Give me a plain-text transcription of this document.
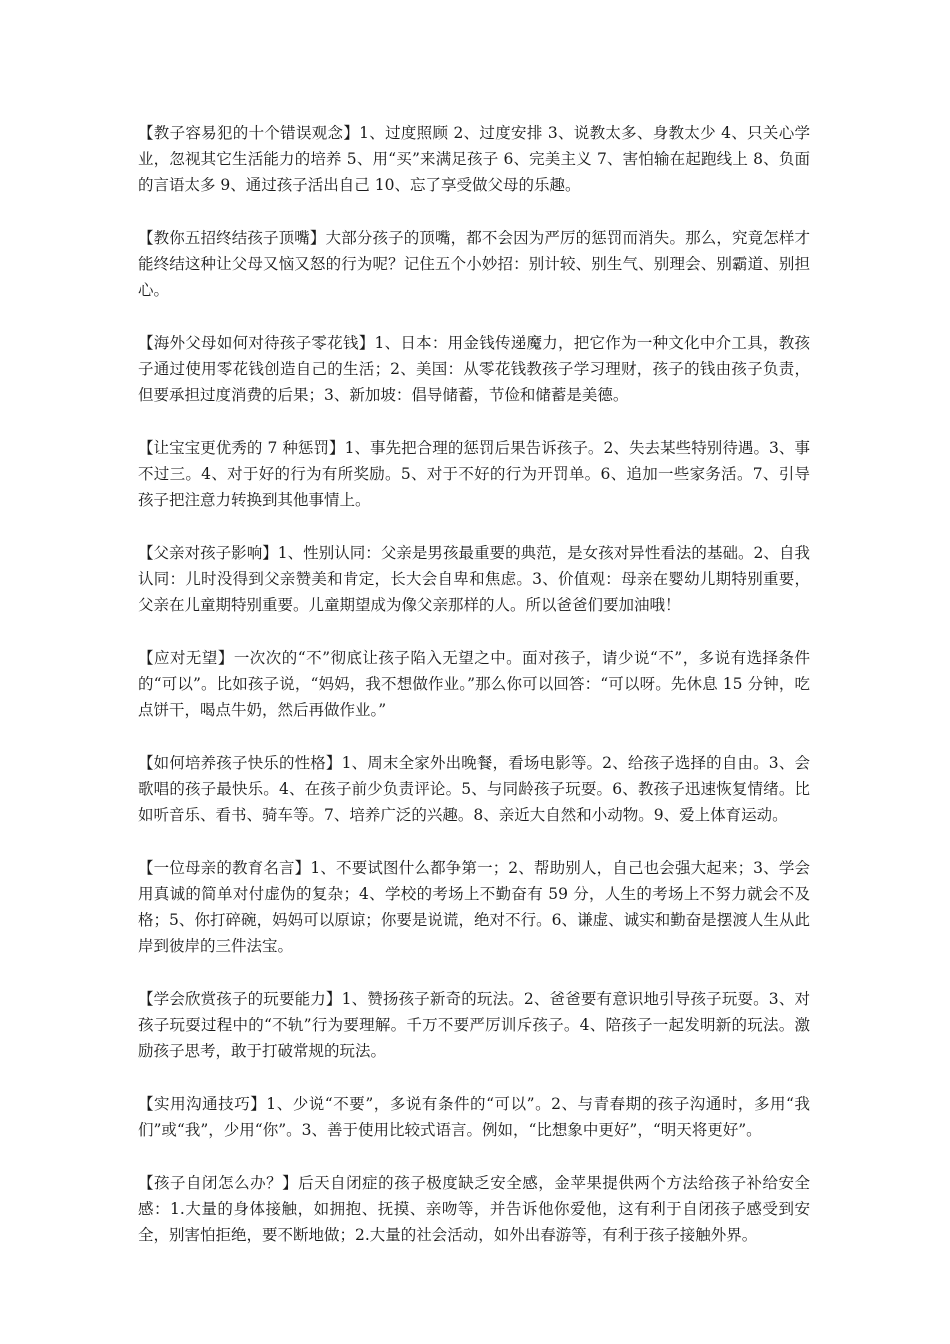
【教子容易犯的十个错误观念】1、过度照顾 2、过度安排 3、说教太多、身教太少 4、只关心学业，忽视其它生活能力的培养 5、用“买”来满足孩子 6、完美主义 7、害怕输在起跑线上 8、负面的言语太多 9、通过孩子活出自己 10、忘了享受做父母的乐趣。

【教你五招终结孩子顶嘴】大部分孩子的顶嘴，都不会因为严厉的惩罚而消失。那么，究竟怎样才能终结这种让父母又恼又怒的行为呢？记住五个小妙招：别计较、别生气、别理会、别霸道、别担心。

【海外父母如何对待孩子零花钱】1、日本：用金钱传递魔力，把它作为一种文化中介工具，教孩子通过使用零花钱创造自己的生活；2、美国：从零花钱教孩子学习理财，孩子的钱由孩子负责，但要承担过度消费的后果；3、新加坡：倡导储蓄，节俭和储蓄是美德。

【让宝宝更优秀的 7 种惩罚】1、事先把合理的惩罚后果告诉孩子。2、失去某些特别待遇。3、事不过三。4、对于好的行为有所奖励。5、对于不好的行为开罚单。6、追加一些家务活。7、引导孩子把注意力转换到其他事情上。

【父亲对孩子影响】1、性别认同：父亲是男孩最重要的典范，是女孩对异性看法的基础。2、自我认同：儿时没得到父亲赞美和肯定，长大会自卑和焦虑。3、价值观：母亲在婴幼儿期特别重要，父亲在儿童期特别重要。儿童期望成为像父亲那样的人。所以爸爸们要加油哦！

【应对无望】一次次的“不”彻底让孩子陷入无望之中。面对孩子，请少说“不”，多说有选择条件的“可以”。比如孩子说，“妈妈，我不想做作业。”那么你可以回答：“可以呀。先休息 15 分钟，吃点饼干，喝点牛奶，然后再做作业。”

【如何培养孩子快乐的性格】1、周末全家外出晚餐，看场电影等。2、给孩子选择的自由。3、会歌唱的孩子最快乐。4、在孩子前少负责评论。5、与同龄孩子玩耍。6、教孩子迅速恢复情绪。比如听音乐、看书、骑车等。7、培养广泛的兴趣。8、亲近大自然和小动物。9、爱上体育运动。

【一位母亲的教育名言】1、不要试图什么都争第一；2、帮助别人，自己也会强大起来；3、学会用真诚的简单对付虚伪的复杂；4、学校的考场上不勤奋有 59 分，人生的考场上不努力就会不及格；5、你打碎碗，妈妈可以原谅；你要是说谎，绝对不行。6、谦虚、诚实和勤奋是摆渡人生从此岸到彼岸的三件法宝。

【学会欣赏孩子的玩要能力】1、赞扬孩子新奇的玩法。2、爸爸要有意识地引导孩子玩耍。3、对孩子玩耍过程中的“不轨”行为要理解。千万不要严厉训斥孩子。4、陪孩子一起发明新的玩法。激励孩子思考，敢于打破常规的玩法。

【实用沟通技巧】1、少说“不要”，多说有条件的“可以”。2、与青春期的孩子沟通时，多用“我们”或“我”，少用“你”。3、善于使用比较式语言。例如，“比想象中更好”，“明天将更好”。

【孩子自闭怎么办？】后天自闭症的孩子极度缺乏安全感，金苹果提供两个方法给孩子补给安全感：1.大量的身体接触，如拥抱、抚摸、亲吻等，并告诉他你爱他，这有利于自闭孩子感受到安全，别害怕拒绝，要不断地做；2.大量的社会活动，如外出春游等，有利于孩子接触外界。
